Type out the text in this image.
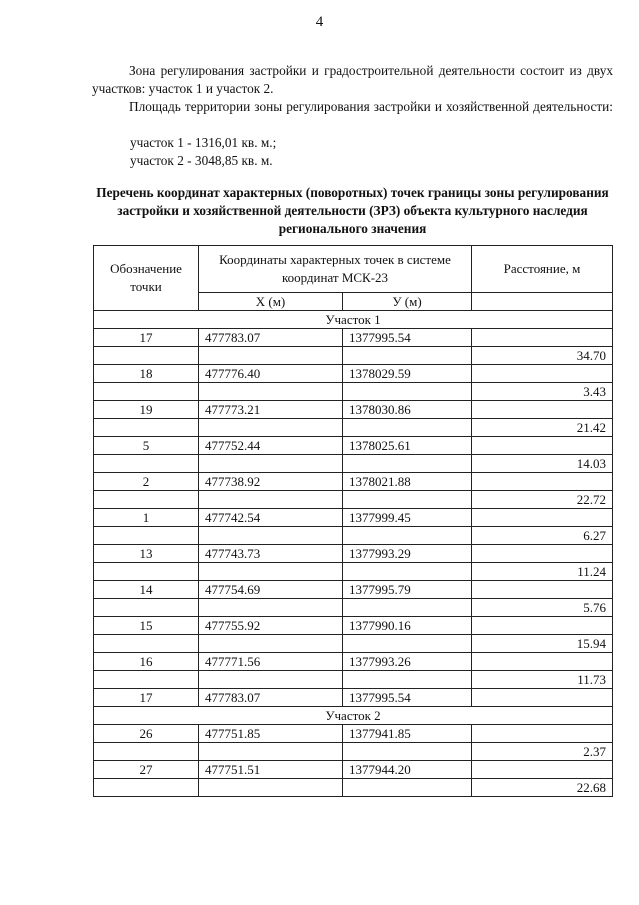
4

Зона регулирования застройки и градостроительной деятельности состоит из двух участков: участок 1 и участок 2.

Площадь территории зоны регулирования застройки и хозяйственной деятельности:

участок 1 - 1316,01 кв. м.;

участок 2 - 3048,85 кв. м.

Перечень координат характерных (поворотных) точек границы зоны регулирования застройки и хозяйственной деятельности (ЗРЗ) объекта культурного наследия регионального значения
Обозначение точки	Координаты характерных точек в системе координат МСК-23		Расстояние, м
	Х (м)	У (м)	
Участок 1			
17	477783.07	1377995.54	
			34.70
18	477776.40	1378029.59	
			3.43
19	477773.21	1378030.86	
			21.42
5	477752.44	1378025.61	
			14.03
2	477738.92	1378021.88	
			22.72
1	477742.54	1377999.45	
			6.27
13	477743.73	1377993.29	
			11.24
14	477754.69	1377995.79	
			5.76
15	477755.92	1377990.16	
			15.94
16	477771.56	1377993.26	
			11.73
17	477783.07	1377995.54	
Участок 2			
26	477751.85	1377941.85	
			2.37
27	477751.51	1377944.20	
			22.68
